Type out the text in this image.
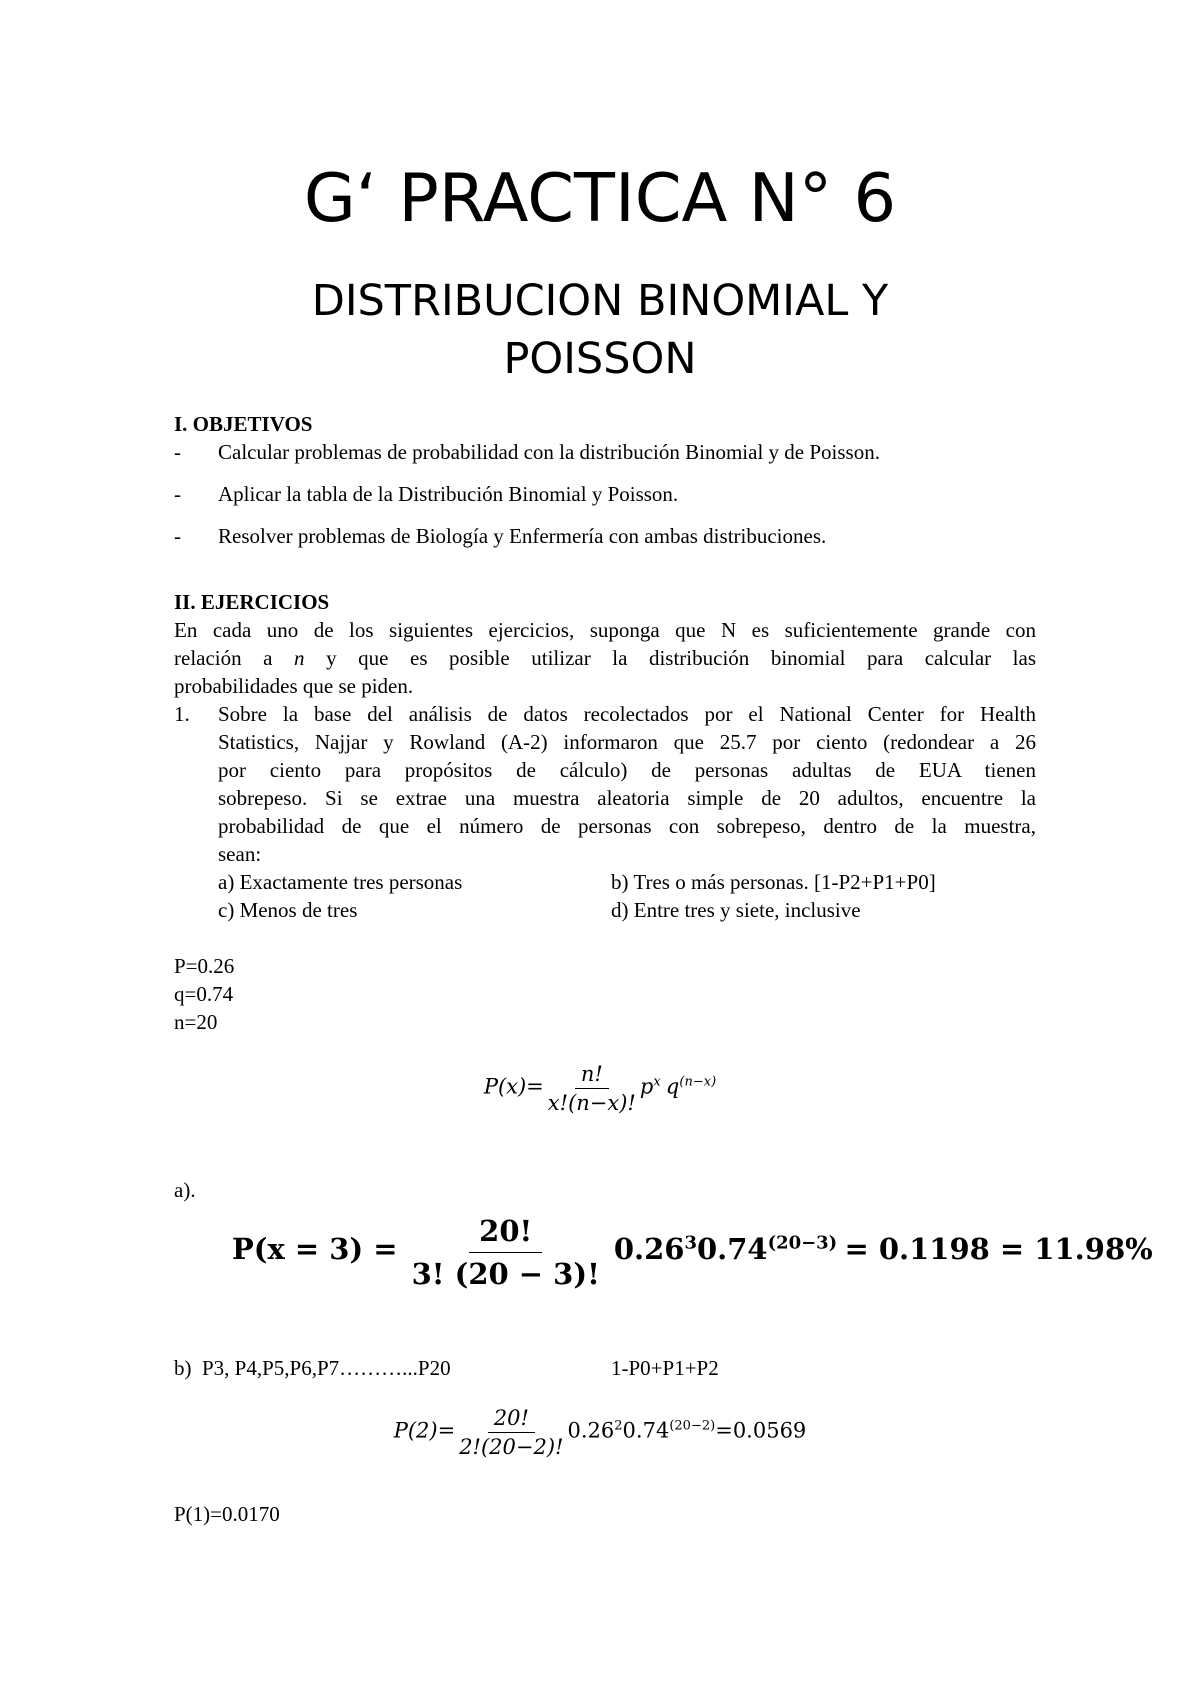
G‘ PRACTICA N° 6
DISTRIBUCION BINOMIAL Y
POISSON
I. OBJETIVOS
- Calcular problemas de probabilidad con la distribución Binomial y de Poisson.
- Aplicar la tabla de la Distribución Binomial y Poisson.
- Resolver problemas de Biología y Enfermería con ambas distribuciones.
II. EJERCICIOS
En cada uno de los siguientes ejercicios, suponga que N es suficientemente grande con
relación a n y que es posible utilizar la distribución binomial para calcular las
probabilidades que se piden.
1. Sobre la base del análisis de datos recolectados por el National Center for Health
Statistics, Najjar y Rowland (A-2) informaron que 25.7 por ciento (redondear a 26
por ciento para propósitos de cálculo) de personas adultas de EUA tienen
sobrepeso. Si se extrae una muestra aleatoria simple de 20 adultos, encuentre la
probabilidad de que el número de personas con sobrepeso, dentro de la muestra,
sean:
a) Exactamente tres personas	b) Tres o más personas. [1-P2+P1+P0]
c) Menos de tres	d) Entre tres y siete, inclusive
P=0.26
q=0.74
n=20
$P(x)= \frac{n!}{x!(n-x)!} p^x$ $q^{(n-x)}$
a).
$P(x = 3) = \frac{20!}{3! (20 - 3)!} 0.26^30.74^{(20-3)} = 0.1198 = 11.98\%$
b)  P3, P4,P5,P6,P7………...P20	1-P0+P1+P2
$P(2)= \frac{20!}{2!(20-2)!} 0.26^20.74^{(20-2)}=0.0569$
P(1)=0.0170
